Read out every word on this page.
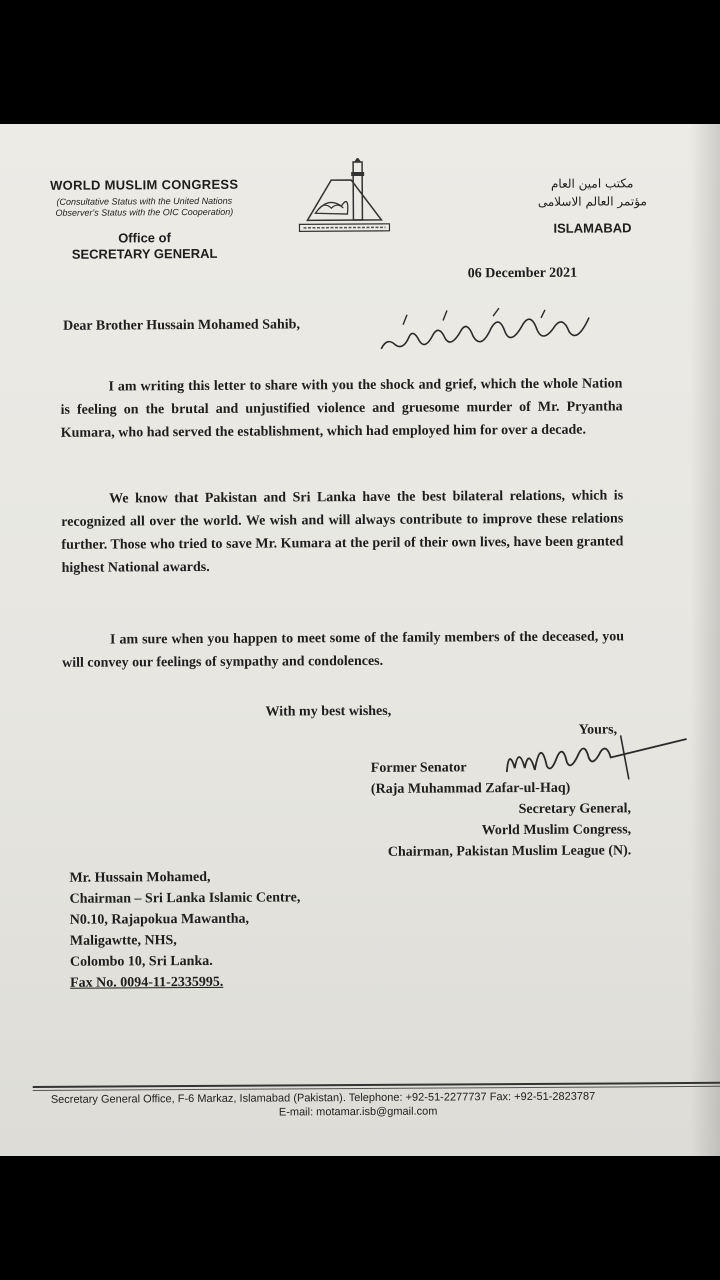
WORLD MUSLIM CONGRESS
(Consultative Status with the United Nations
Observer's Status with the OIC Cooperation)
Office of
SECRETARY GENERAL
مکتب امین العام
مؤتمر العالم الاسلامی
ISLAMABAD
06 December 2021
Dear Brother Hussain Mohamed Sahib,
I am writing this letter to share with you the shock and grief, which the whole Nation is feeling on the brutal and unjustified violence and gruesome murder of Mr. Pryantha Kumara, who had served the establishment, which had employed him for over a decade.
We know that Pakistan and Sri Lanka have the best bilateral relations, which is recognized all over the world. We wish and will always contribute to improve these relations further. Those who tried to save Mr. Kumara at the peril of their own lives, have been granted highest National awards.
I am sure when you happen to meet some of the family members of the deceased, you will convey our feelings of sympathy and condolences.
With my best wishes,
Yours,
Former Senator
(Raja Muhammad Zafar-ul-Haq)
Secretary General,
World Muslim Congress,
Chairman, Pakistan Muslim League (N).
Mr. Hussain Mohamed,
Chairman – Sri Lanka Islamic Centre,
N0.10, Rajapokua Mawantha,
Maligawtte, NHS,
Colombo 10, Sri Lanka.
Fax No. 0094-11-2335995.
Secretary General Office, F-6 Markaz, Islamabad (Pakistan). Telephone: +92-51-2277737 Fax: +92-51-2823787
E-mail: motamar.isb@gmail.com
